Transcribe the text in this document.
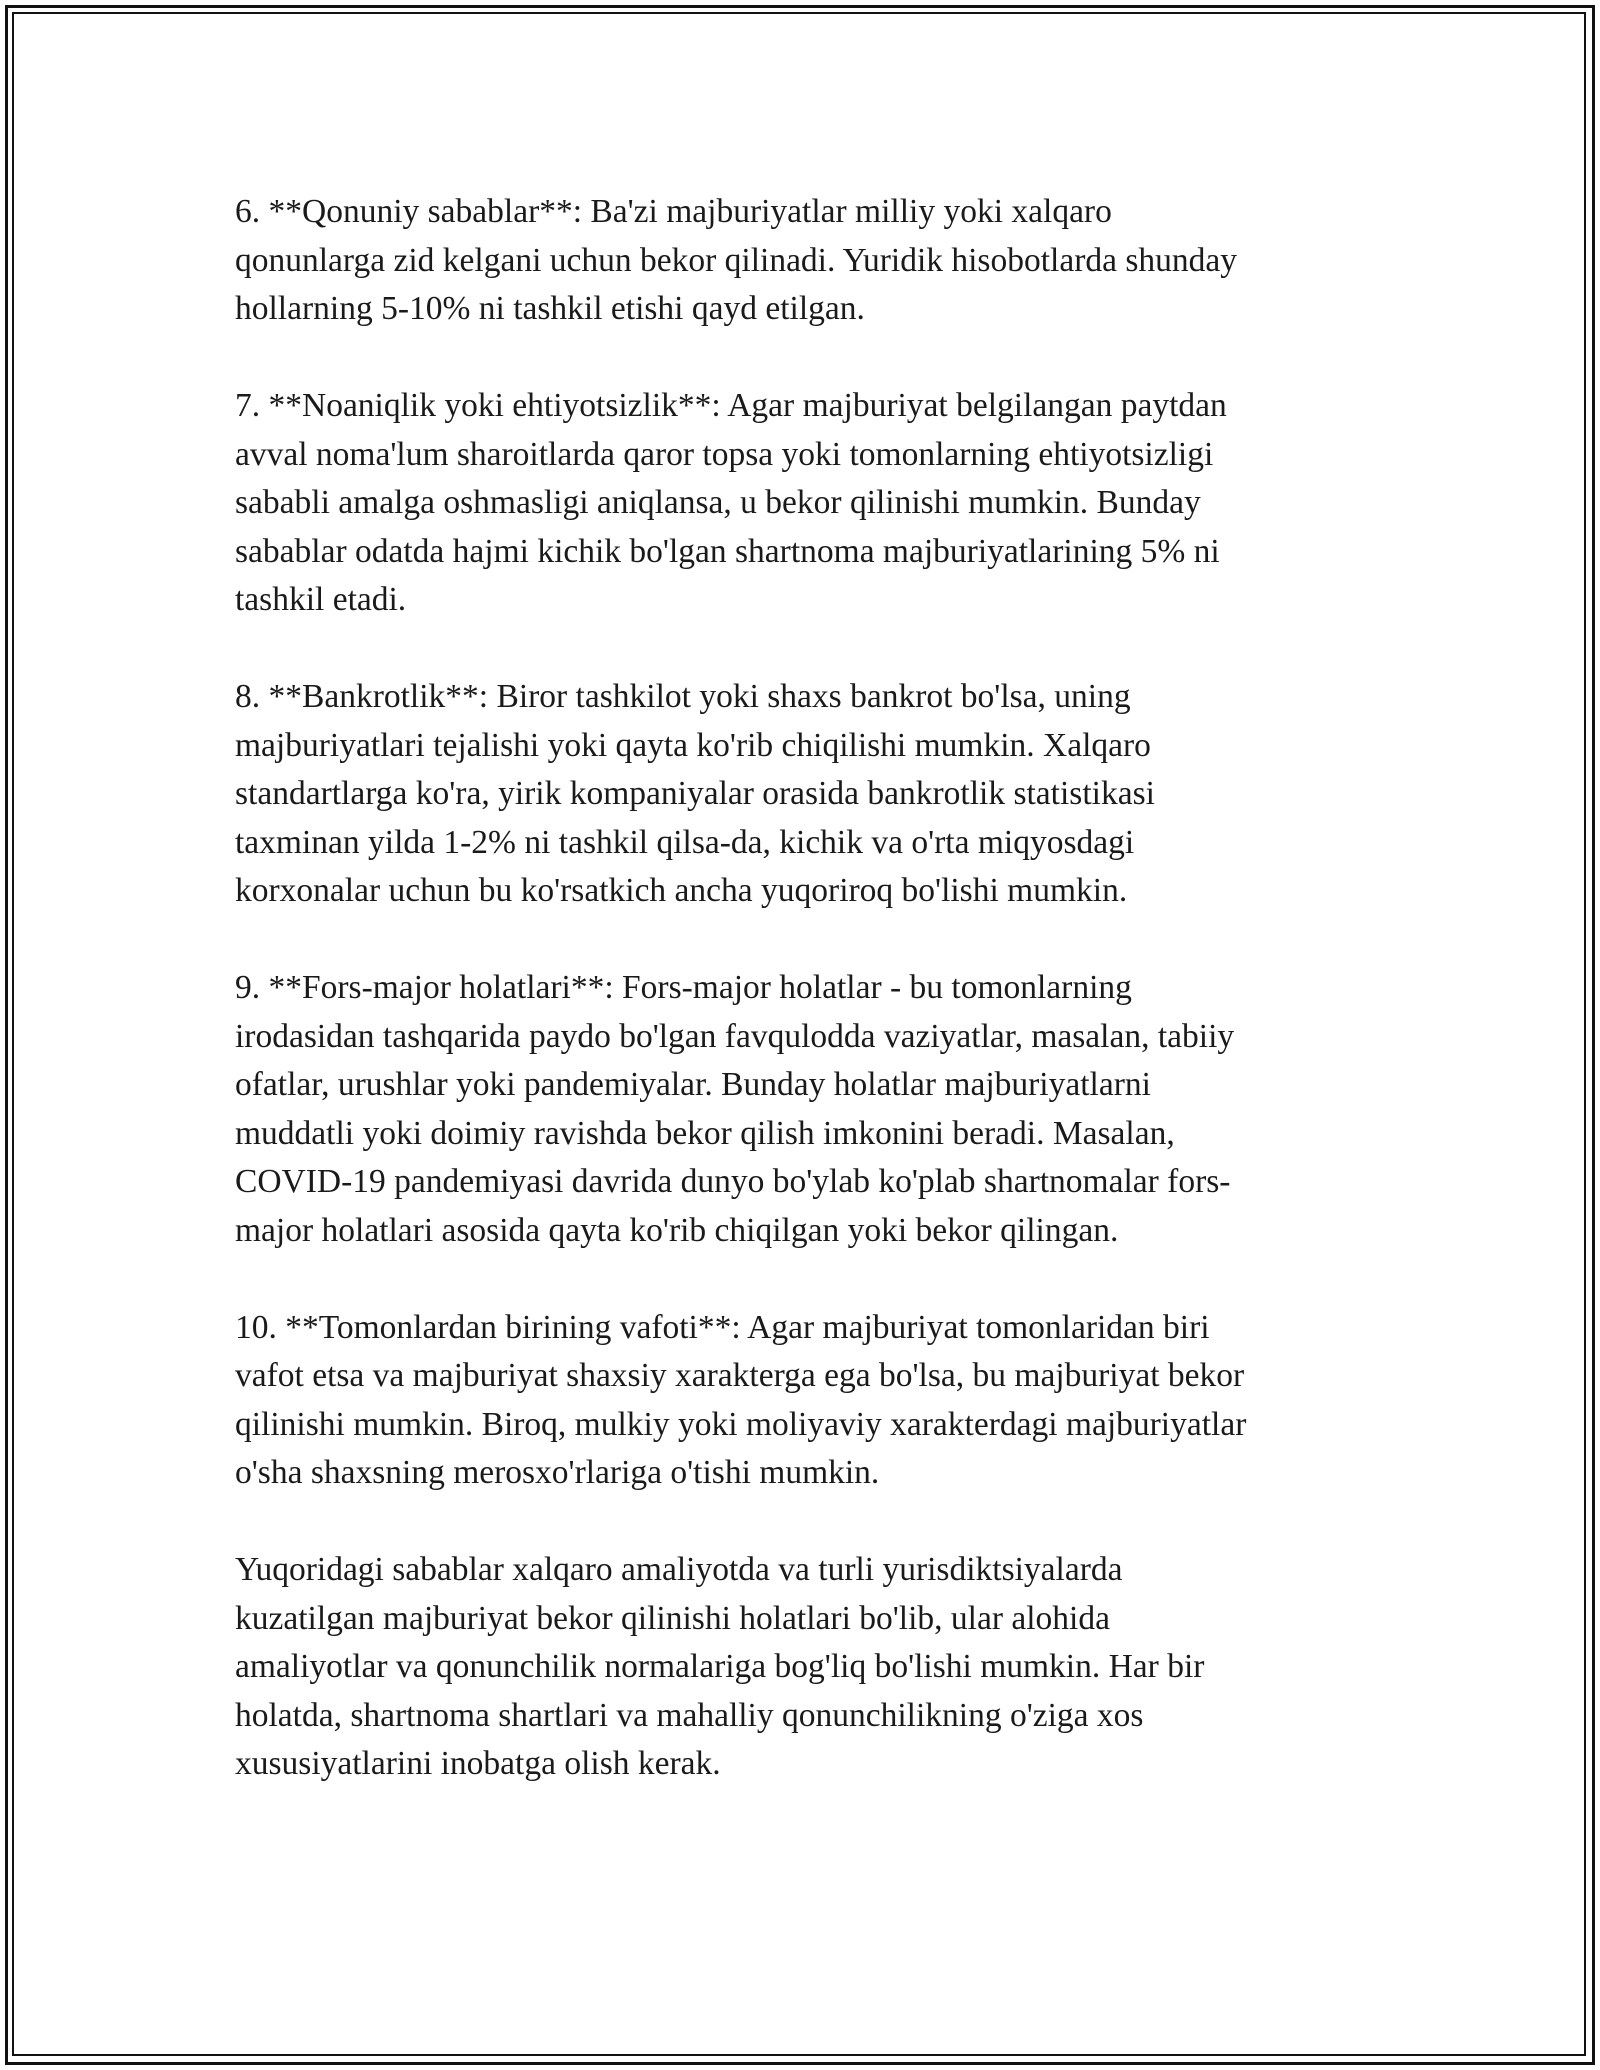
6. **Qonuniy sabablar**: Ba'zi majburiyatlar milliy yoki xalqaro
qonunlarga zid kelgani uchun bekor qilinadi. Yuridik hisobotlarda shunday
hollarning 5-10% ni tashkil etishi qayd etilgan.

7. **Noaniqlik yoki ehtiyotsizlik**: Agar majburiyat belgilangan paytdan
avval noma'lum sharoitlarda qaror topsa yoki tomonlarning ehtiyotsizligi
sababli amalga oshmasligi aniqlansa, u bekor qilinishi mumkin. Bunday
sabablar odatda hajmi kichik bo'lgan shartnoma majburiyatlarining 5% ni
tashkil etadi.

8. **Bankrotlik**: Biror tashkilot yoki shaxs bankrot bo'lsa, uning
majburiyatlari tejalishi yoki qayta ko'rib chiqilishi mumkin. Xalqaro
standartlarga ko'ra, yirik kompaniyalar orasida bankrotlik statistikasi
taxminan yilda 1-2% ni tashkil qilsa-da, kichik va o'rta miqyosdagi
korxonalar uchun bu ko'rsatkich ancha yuqoriroq bo'lishi mumkin.

9. **Fors-major holatlari**: Fors-major holatlar - bu tomonlarning
irodasidan tashqarida paydo bo'lgan favqulodda vaziyatlar, masalan, tabiiy
ofatlar, urushlar yoki pandemiyalar. Bunday holatlar majburiyatlarni
muddatli yoki doimiy ravishda bekor qilish imkonini beradi. Masalan,
COVID-19 pandemiyasi davrida dunyo bo'ylab ko'plab shartnomalar fors-
major holatlari asosida qayta ko'rib chiqilgan yoki bekor qilingan.

10. **Tomonlardan birining vafoti**: Agar majburiyat tomonlaridan biri
vafot etsa va majburiyat shaxsiy xarakterga ega bo'lsa, bu majburiyat bekor
qilinishi mumkin. Biroq, mulkiy yoki moliyaviy xarakterdagi majburiyatlar
o'sha shaxsning merosxo'rlariga o'tishi mumkin.

Yuqoridagi sabablar xalqaro amaliyotda va turli yurisdiktsiyalarda
kuzatilgan majburiyat bekor qilinishi holatlari bo'lib, ular alohida
amaliyotlar va qonunchilik normalariga bog'liq bo'lishi mumkin. Har bir
holatda, shartnoma shartlari va mahalliy qonunchilikning o'ziga xos
xususiyatlarini inobatga olish kerak.
